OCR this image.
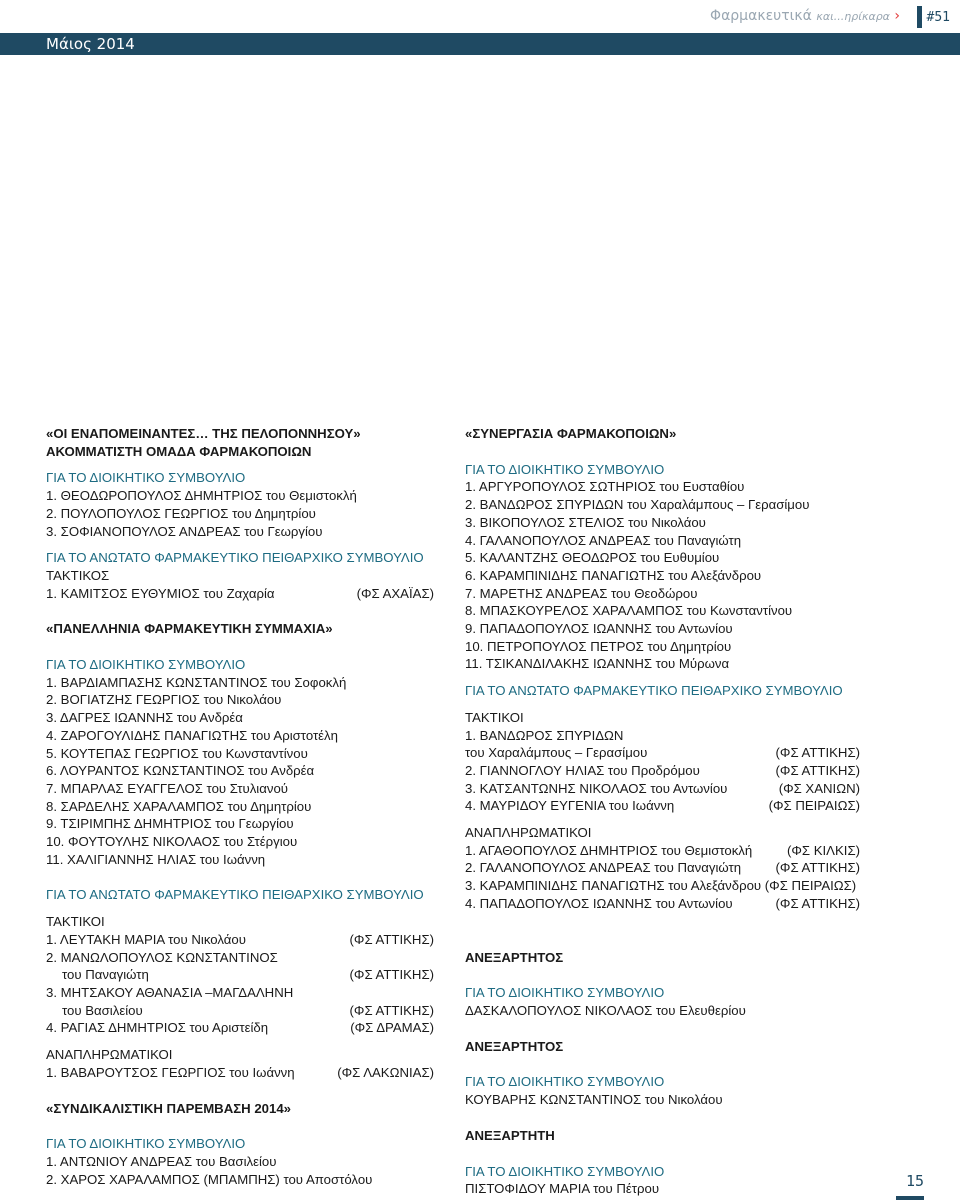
Φαρμακευτικά και...ηρίκαρα › #51
Μάιος 2014
«ΟΙ ΕΝΑΠΟΜΕΙΝΑΝΤΕΣ… ΤΗΣ ΠΕΛΟΠΟΝΝΗΣΟΥ»
ΑΚΟΜΜΑΤΙΣΤΗ ΟΜΑΔΑ ΦΑΡΜΑΚΟΠΟΙΩΝ
ΓΙΑ ΤΟ ΔΙΟΙΚΗΤΙΚΟ ΣΥΜΒΟΥΛΙΟ
1. ΘΕΟΔΩΡΟΠΟΥΛΟΣ ΔΗΜΗΤΡΙΟΣ του Θεμιστοκλή
2. ΠΟΥΛΟΠΟΥΛΟΣ ΓΕΩΡΓΙΟΣ του Δημητρίου
3. ΣΟΦΙΑΝΟΠΟΥΛΟΣ ΑΝΔΡΕΑΣ του Γεωργίου
ΓΙΑ ΤΟ ΑΝΩΤΑΤΟ ΦΑΡΜΑΚΕΥΤΙΚΟ ΠΕΙΘΑΡΧΙΚΟ ΣΥΜΒΟΥΛΙΟ
ΤΑΚΤΙΚΟΣ
1. ΚΑΜΙΤΣΟΣ ΕΥΘΥΜΙΟΣ του Ζαχαρία	(ΦΣ ΑΧΑΪΑΣ)
«ΠΑΝΕΛΛΗΝΙΑ ΦΑΡΜΑΚΕΥΤΙΚΗ ΣΥΜΜΑΧΙΑ»
ΓΙΑ ΤΟ ΔΙΟΙΚΗΤΙΚΟ ΣΥΜΒΟΥΛΙΟ
1. ΒΑΡΔΙΑΜΠΑΣΗΣ ΚΩΝΣΤΑΝΤΙΝΟΣ του Σοφοκλή
2. ΒΟΓΙΑΤΖΗΣ ΓΕΩΡΓΙΟΣ του Νικολάου
3. ΔΑΓΡΕΣ ΙΩΑΝΝΗΣ του Ανδρέα
4. ΖΑΡΟΓΟΥΛΙΔΗΣ ΠΑΝΑΓΙΩΤΗΣ του Αριστοτέλη
5. ΚΟΥΤΕΠΑΣ ΓΕΩΡΓΙΟΣ του Κωνσταντίνου
6. ΛΟΥΡΑΝΤΟΣ ΚΩΝΣΤΑΝΤΙΝΟΣ του Ανδρέα
7. ΜΠΑΡΛΑΣ ΕΥΑΓΓΕΛΟΣ του Στυλιανού
8. ΣΑΡΔΕΛΗΣ ΧΑΡΑΛΑΜΠΟΣ του Δημητρίου
9. ΤΣΙΡΙΜΠΗΣ ΔΗΜΗΤΡΙΟΣ του Γεωργίου
10. ΦΟΥΤΟΥΛΗΣ ΝΙΚΟΛΑΟΣ του Στέργιου
11. ΧΑΛΙΓΙΑΝΝΗΣ ΗΛΙΑΣ του Ιωάννη
ΓΙΑ ΤΟ ΑΝΩΤΑΤΟ ΦΑΡΜΑΚΕΥΤΙΚΟ ΠΕΙΘΑΡΧΙΚΟ ΣΥΜΒΟΥΛΙΟ
ΤΑΚΤΙΚΟΙ
1. ΛΕΥΤΑΚΗ ΜΑΡΙΑ του Νικολάου	(ΦΣ ΑΤΤΙΚΗΣ)
2. ΜΑΝΩΛΟΠΟΥΛΟΣ ΚΩΝΣΤΑΝΤΙΝΟΣ
του Παναγιώτη	(ΦΣ ΑΤΤΙΚΗΣ)
3. ΜΗΤΣΑΚΟΥ ΑΘΑΝΑΣΙΑ –ΜΑΓΔΑΛΗΝΗ
του Βασιλείου	(ΦΣ ΑΤΤΙΚΗΣ)
4. ΡΑΓΙΑΣ ΔΗΜΗΤΡΙΟΣ του Αριστείδη	(ΦΣ ΔΡΑΜΑΣ)
ΑΝΑΠΛΗΡΩΜΑΤΙΚΟΙ
1. ΒΑΒΑΡΟΥΤΣΟΣ ΓΕΩΡΓΙΟΣ του Ιωάννη	(ΦΣ ΛΑΚΩΝΙΑΣ)
«ΣΥΝΔΙΚΑΛΙΣΤΙΚΗ ΠΑΡΕΜΒΑΣΗ 2014»
ΓΙΑ ΤΟ ΔΙΟΙΚΗΤΙΚΟ ΣΥΜΒΟΥΛΙΟ
1. ΑΝΤΩΝΙΟΥ ΑΝΔΡΕΑΣ του Βασιλείου
2. ΧΑΡΟΣ ΧΑΡΑΛΑΜΠΟΣ (ΜΠΑΜΠΗΣ) του Αποστόλου
«ΣΥΝΕΡΓΑΣΙΑ ΦΑΡΜΑΚΟΠΟΙΩΝ»
ΓΙΑ ΤΟ ΔΙΟΙΚΗΤΙΚΟ ΣΥΜΒΟΥΛΙΟ
1. ΑΡΓΥΡΟΠΟΥΛΟΣ ΣΩΤΗΡΙΟΣ του Ευσταθίου
2. ΒΑΝΔΩΡΟΣ ΣΠΥΡΙΔΩΝ του Χαραλάμπους – Γερασίμου
3. ΒΙΚΟΠΟΥΛΟΣ ΣΤΕΛΙΟΣ του Νικολάου
4. ΓΑΛΑΝΟΠΟΥΛΟΣ ΑΝΔΡΕΑΣ του Παναγιώτη
5. ΚΑΛΑΝΤΖΗΣ ΘΕΟΔΩΡΟΣ του Ευθυμίου
6. ΚΑΡΑΜΠΙΝΙΔΗΣ ΠΑΝΑΓΙΩΤΗΣ του Αλεξάνδρου
7. ΜΑΡΕΤΗΣ ΑΝΔΡΕΑΣ του Θεοδώρου
8. ΜΠΑΣΚΟΥΡΕΛΟΣ ΧΑΡΑΛΑΜΠΟΣ του Κωνσταντίνου
9. ΠΑΠΑΔΟΠΟΥΛΟΣ ΙΩΑΝΝΗΣ του Αντωνίου
10. ΠΕΤΡΟΠΟΥΛΟΣ ΠΕΤΡΟΣ του Δημητρίου
11. ΤΣΙΚΑΝΔΙΛΑΚΗΣ ΙΩΑΝΝΗΣ του Μύρωνα
ΓΙΑ ΤΟ ΑΝΩΤΑΤΟ ΦΑΡΜΑΚΕΥΤΙΚΟ ΠΕΙΘΑΡΧΙΚΟ ΣΥΜΒΟΥΛΙΟ
ΤΑΚΤΙΚΟΙ
1. ΒΑΝΔΩΡΟΣ ΣΠΥΡΙΔΩΝ
του Χαραλάμπους – Γερασίμου	(ΦΣ ΑΤΤΙΚΗΣ)
2. ΓΙΑΝΝΟΓΛΟΥ ΗΛΙΑΣ του Προδρόμου	(ΦΣ ΑΤΤΙΚΗΣ)
3. ΚΑΤΣΑΝΤΩΝΗΣ ΝΙΚΟΛΑΟΣ του Αντωνίου	(ΦΣ ΧΑΝΙΩΝ)
4. ΜΑΥΡΙΔΟΥ ΕΥΓΕΝΙΑ του Ιωάννη	(ΦΣ ΠΕΙΡΑΙΩΣ)
ΑΝΑΠΛΗΡΩΜΑΤΙΚΟΙ
1. ΑΓΑΘΟΠΟΥΛΟΣ ΔΗΜΗΤΡΙΟΣ του Θεμιστοκλή	(ΦΣ ΚΙΛΚΙΣ)
2. ΓΑΛΑΝΟΠΟΥΛΟΣ ΑΝΔΡΕΑΣ του Παναγιώτη	(ΦΣ ΑΤΤΙΚΗΣ)
3. ΚΑΡΑΜΠΙΝΙΔΗΣ ΠΑΝΑΓΙΩΤΗΣ του Αλεξάνδρου (ΦΣ ΠΕΙΡΑΙΩΣ)
4. ΠΑΠΑΔΟΠΟΥΛΟΣ ΙΩΑΝΝΗΣ του Αντωνίου	(ΦΣ ΑΤΤΙΚΗΣ)
ΑΝΕΞΑΡΤΗΤΟΣ
ΓΙΑ ΤΟ ΔΙΟΙΚΗΤΙΚΟ ΣΥΜΒΟΥΛΙΟ
ΔΑΣΚΑΛΟΠΟΥΛΟΣ ΝΙΚΟΛΑΟΣ του Ελευθερίου
ΑΝΕΞΑΡΤΗΤΟΣ
ΓΙΑ ΤΟ ΔΙΟΙΚΗΤΙΚΟ ΣΥΜΒΟΥΛΙΟ
ΚΟΥΒΑΡΗΣ ΚΩΝΣΤΑΝΤΙΝΟΣ του Νικολάου
ΑΝΕΞΑΡΤΗΤΗ
ΓΙΑ ΤΟ ΔΙΟΙΚΗΤΙΚΟ ΣΥΜΒΟΥΛΙΟ
ΠΙΣΤΟΦΙΔΟΥ ΜΑΡΙΑ του Πέτρου	15
